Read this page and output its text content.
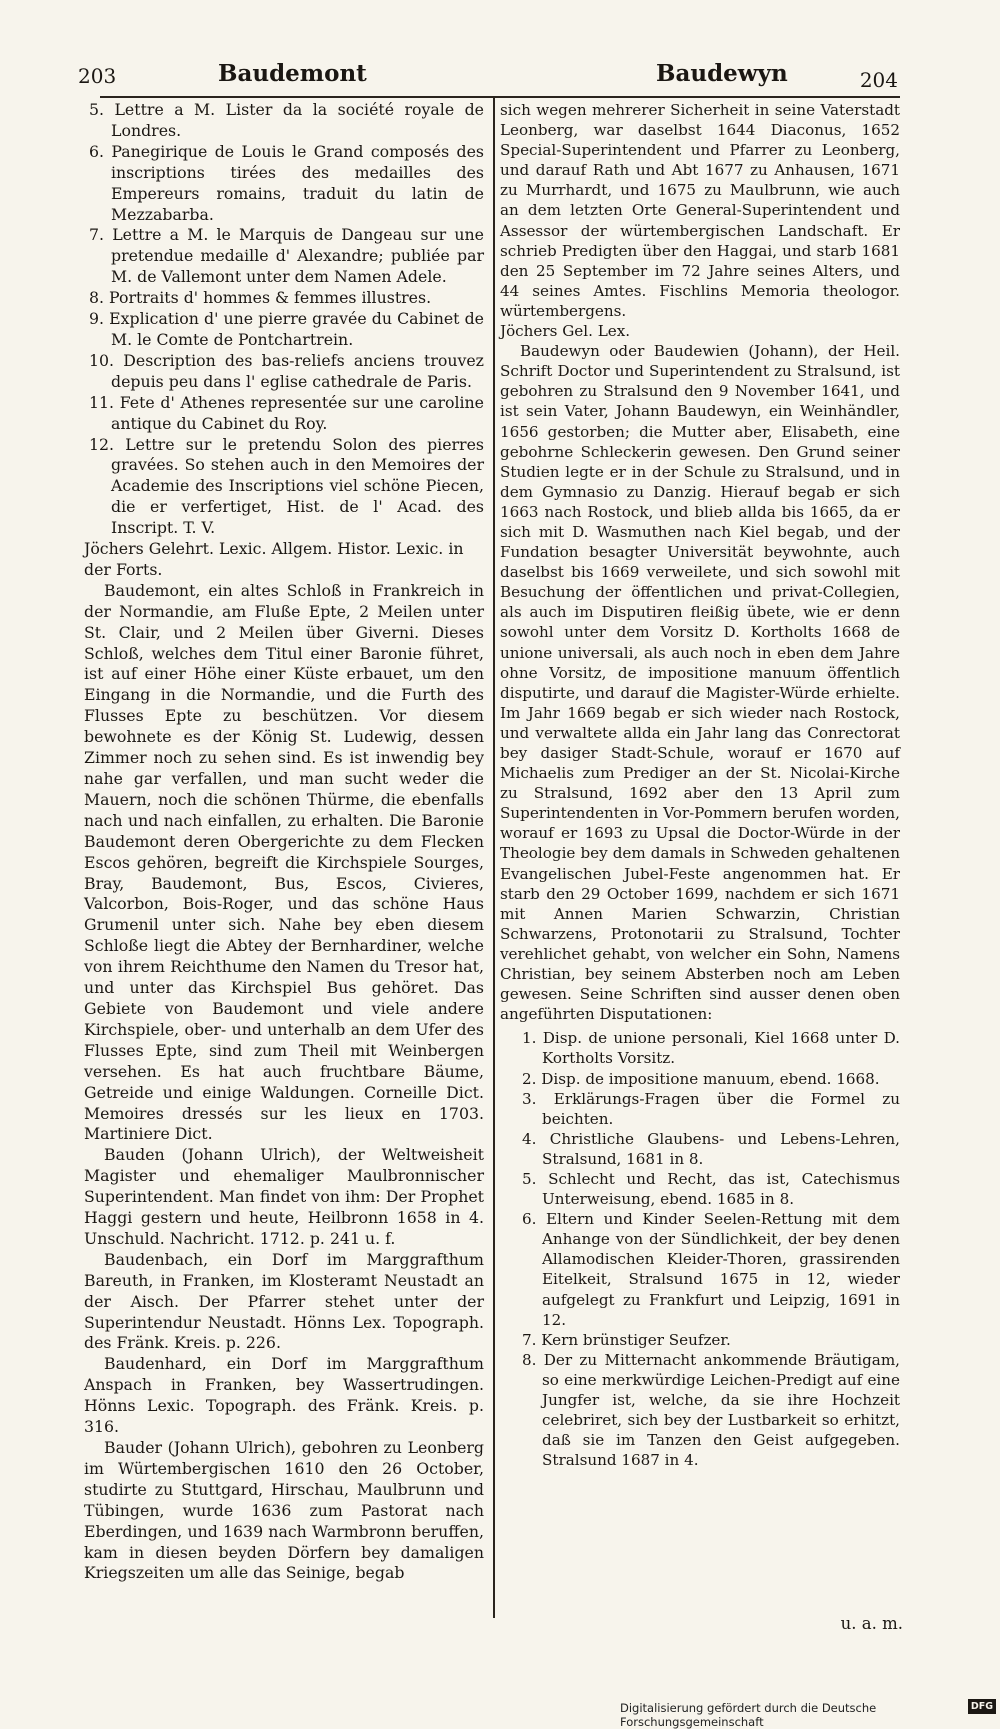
203	Baudemont	Baudewyn	204

5. Lettre a M. Lister da la société royale de Londres.

6. Panegirique de Louis le Grand composés des inscriptions tirées des medailles des Empereurs romains, traduit du latin de Mezzabarba.

7. Lettre a M. le Marquis de Dangeau sur une pretendue medaille d' Alexandre; publiée par M. de Vallemont unter dem Namen Adele.

8. Portraits d' hommes & femmes illustres.

9. Explication d' une pierre gravée du Cabinet de M. le Comte de Pontchartrein.

10. Description des bas-reliefs anciens trouvez depuis peu dans l' eglise cathedrale de Paris.

11. Fete d' Athenes representée sur une caroline antique du Cabinet du Roy.

12. Lettre sur le pretendu Solon des pierres gravées. So stehen auch in den Memoires der Academie des Inscriptions viel schöne Piecen, die er verfertiget, Hist. de l' Acad. des Inscript. T. V.

Jöchers Gelehrt. Lexic. Allgem. Histor. Lexic. in der Forts.

Baudemont, ein altes Schloß in Frankreich in der Normandie, am Fluße Epte, 2 Meilen unter St. Clair, und 2 Meilen über Giverni. Dieses Schloß, welches dem Titul einer Baronie führet, ist auf einer Höhe einer Küste erbauet, um den Eingang in die Normandie, und die Furth des Flusses Epte zu beschützen. Vor diesem bewohnete es der König St. Ludewig, dessen Zimmer noch zu sehen sind. Es ist inwendig bey nahe gar verfallen, und man sucht weder die Mauern, noch die schönen Thürme, die ebenfalls nach und nach einfallen, zu erhalten. Die Baronie Baudemont deren Obergerichte zu dem Flecken Escos gehören, begreift die Kirchspiele Sourges, Bray, Baudemont, Bus, Escos, Civieres, Valcorbon, Bois-Roger, und das schöne Haus Grumenil unter sich. Nahe bey eben diesem Schloße liegt die Abtey der Bernhardiner, welche von ihrem Reichthume den Namen du Tresor hat, und unter das Kirchspiel Bus gehöret. Das Gebiete von Baudemont und viele andere Kirchspiele, ober- und unterhalb an dem Ufer des Flusses Epte, sind zum Theil mit Weinbergen versehen. Es hat auch fruchtbare Bäume, Getreide und einige Waldungen. Corneille Dict. Memoires dressés sur les lieux en 1703. Martiniere Dict.

Bauden (Johann Ulrich), der Weltweisheit Magister und ehemaliger Maulbronnischer Superintendent. Man findet von ihm: Der Prophet Haggi gestern und heute, Heilbronn 1658 in 4. Unschuld. Nachricht. 1712. p. 241 u. f.

Baudenbach, ein Dorf im Marggrafthum Bareuth, in Franken, im Klosteramt Neustadt an der Aisch. Der Pfarrer stehet unter der Superintendur Neustadt. Hönns Lex. Topograph. des Fränk. Kreis. p. 226.

Baudenhard, ein Dorf im Marggrafthum Anspach in Franken, bey Wassertrudingen. Hönns Lexic. Topograph. des Fränk. Kreis. p. 316.

Bauder (Johann Ulrich), gebohren zu Leonberg im Würtembergischen 1610 den 26 October, studirte zu Stuttgard, Hirschau, Maulbrunn und Tübingen, wurde 1636 zum Pastorat nach Eberdingen, und 1639 nach Warmbronn beruffen, kam in diesen beyden Dörfern bey damaligen Kriegszeiten um alle das Seinige, begab

sich wegen mehrerer Sicherheit in seine Vaterstadt Leonberg, war daselbst 1644 Diaconus, 1652 Special-Superintendent und Pfarrer zu Leonberg, und darauf Rath und Abt 1677 zu Anhausen, 1671 zu Murrhardt, und 1675 zu Maulbrunn, wie auch an dem letzten Orte General-Superintendent und Assessor der würtembergischen Landschaft. Er schrieb Predigten über den Haggai, und starb 1681 den 25 September im 72 Jahre seines Alters, und 44 seines Amtes. Fischlins Memoria theologor. würtembergens.

Jöchers Gel. Lex.

Baudewyn oder Baudewien (Johann), der Heil. Schrift Doctor und Superintendent zu Stralsund, ist gebohren zu Stralsund den 9 November 1641, und ist sein Vater, Johann Baudewyn, ein Weinhändler, 1656 gestorben; die Mutter aber, Elisabeth, eine gebohrne Schleckerin gewesen. Den Grund seiner Studien legte er in der Schule zu Stralsund, und in dem Gymnasio zu Danzig. Hierauf begab er sich 1663 nach Rostock, und blieb allda bis 1665, da er sich mit D. Wasmuthen nach Kiel begab, und der Fundation besagter Universität beywohnte, auch daselbst bis 1669 verweilete, und sich sowohl mit Besuchung der öffentlichen und privat-Collegien, als auch im Disputiren fleißig übete, wie er denn sowohl unter dem Vorsitz D. Kortholts 1668 de unione universali, als auch noch in eben dem Jahre ohne Vorsitz, de impositione manuum öffentlich disputirte, und darauf die Magister-Würde erhielte. Im Jahr 1669 begab er sich wieder nach Rostock, und verwaltete allda ein Jahr lang das Conrectorat bey dasiger Stadt-Schule, worauf er 1670 auf Michaelis zum Prediger an der St. Nicolai-Kirche zu Stralsund, 1692 aber den 13 April zum Superintendenten in Vor-Pommern berufen worden, worauf er 1693 zu Upsal die Doctor-Würde in der Theologie bey dem damals in Schweden gehaltenen Evangelischen Jubel-Feste angenommen hat. Er starb den 29 October 1699, nachdem er sich 1671 mit Annen Marien Schwarzin, Christian Schwarzens, Protonotarii zu Stralsund, Tochter verehlichet gehabt, von welcher ein Sohn, Namens Christian, bey seinem Absterben noch am Leben gewesen. Seine Schriften sind ausser denen oben angeführten Disputationen:

1. Disp. de unione personali, Kiel 1668 unter D. Kortholts Vorsitz.

2. Disp. de impositione manuum, ebend. 1668.

3. Erklärungs-Fragen über die Formel zu beichten.

4. Christliche Glaubens- und Lebens-Lehren, Stralsund, 1681 in 8.

5. Schlecht und Recht, das ist, Catechismus Unterweisung, ebend. 1685 in 8.

6. Eltern und Kinder Seelen-Rettung mit dem Anhange von der Sündlichkeit, der bey denen Allamodischen Kleider-Thoren, grassirenden Eitelkeit, Stralsund 1675 in 12, wieder aufgelegt zu Frankfurt und Leipzig, 1691 in 12.

7. Kern brünstiger Seufzer.

8. Der zu Mitternacht ankommende Bräutigam, so eine merkwürdige Leichen-Predigt auf eine Jungfer ist, welche, da sie ihre Hochzeit celebriret, sich bey der Lustbarkeit so erhitzt, daß sie im Tanzen den Geist aufgegeben. Stralsund 1687 in 4.

u. a. m.
Digitalisierung gefördert durch die Deutsche Forschungsgemeinschaft
DFG
